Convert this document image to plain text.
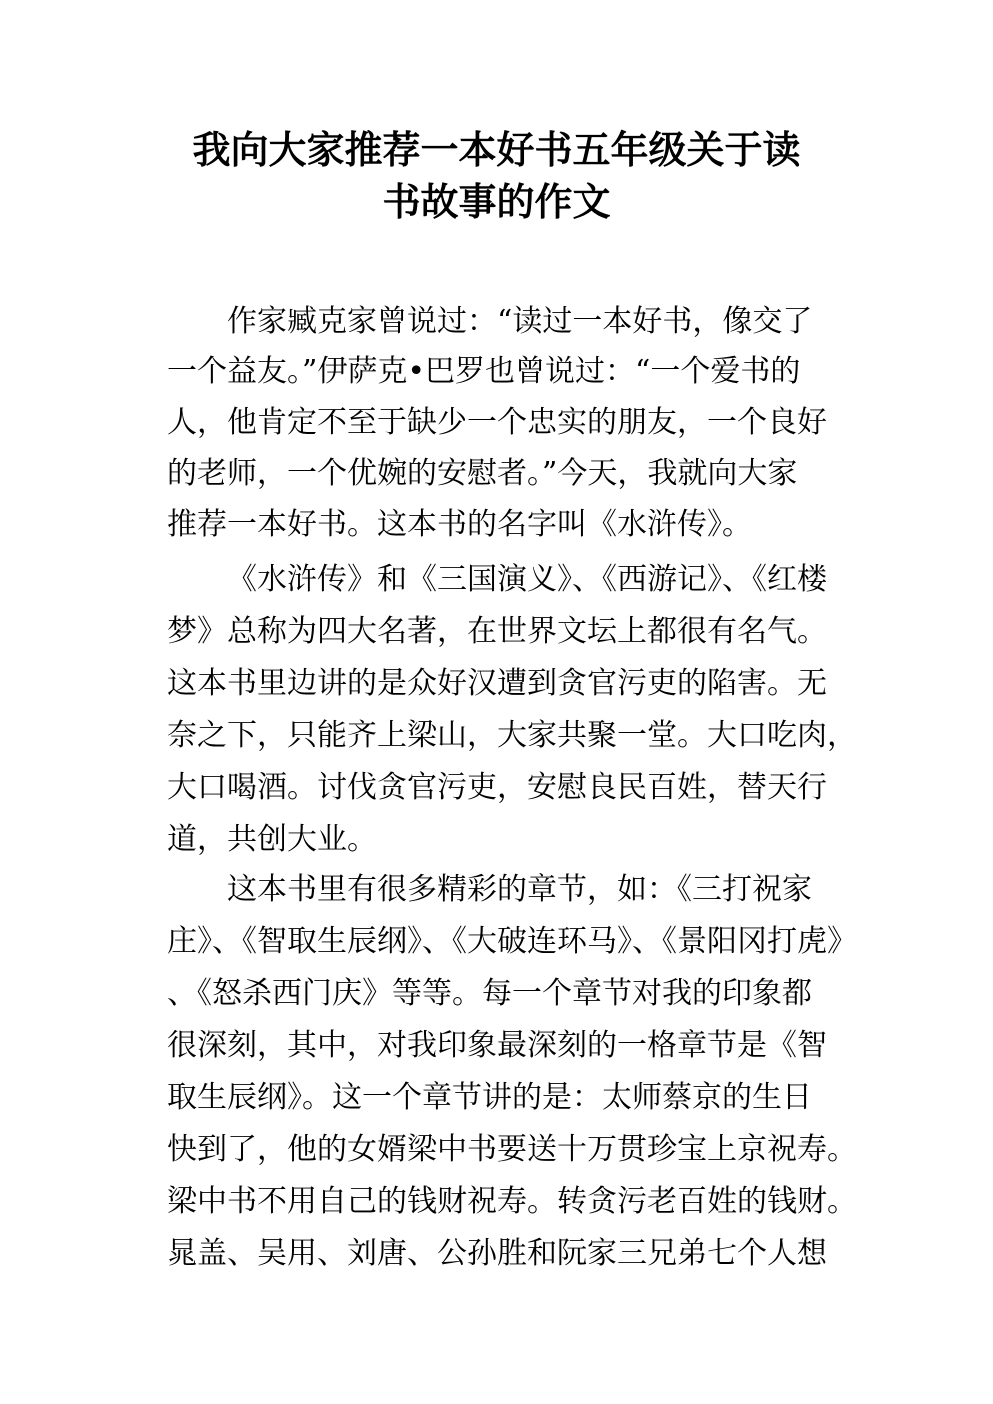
我向大家推荐一本好书五年级关于读
书故事的作文
作家臧克家曾说过：“读过一本好书，像交了
一个益友。”伊萨克•巴罗也曾说过：“一个爱书的
人，他肯定不至于缺少一个忠实的朋友，一个良好
的老师，一个优婉的安慰者。”今天，我就向大家
推荐一本好书。这本书的名字叫《水浒传》。
《水浒传》和《三国演义》、《西游记》、《红楼
梦》总称为四大名著，在世界文坛上都很有名气。
这本书里边讲的是众好汉遭到贪官污吏的陷害。无
奈之下，只能齐上梁山，大家共聚一堂。大口吃肉，
大口喝酒。讨伐贪官污吏，安慰良民百姓，替天行
道，共创大业。
这本书里有很多精彩的章节，如：《三打祝家
庄》、《智取生辰纲》、《大破连环马》、《景阳冈打虎》
、《怒杀西门庆》等等。每一个章节对我的印象都
很深刻，其中，对我印象最深刻的一格章节是《智
取生辰纲》。这一个章节讲的是：太师蔡京的生日
快到了，他的女婿梁中书要送十万贯珍宝上京祝寿。
梁中书不用自己的钱财祝寿。转贪污老百姓的钱财。
晁盖、吴用、刘唐、公孙胜和阮家三兄弟七个人想
